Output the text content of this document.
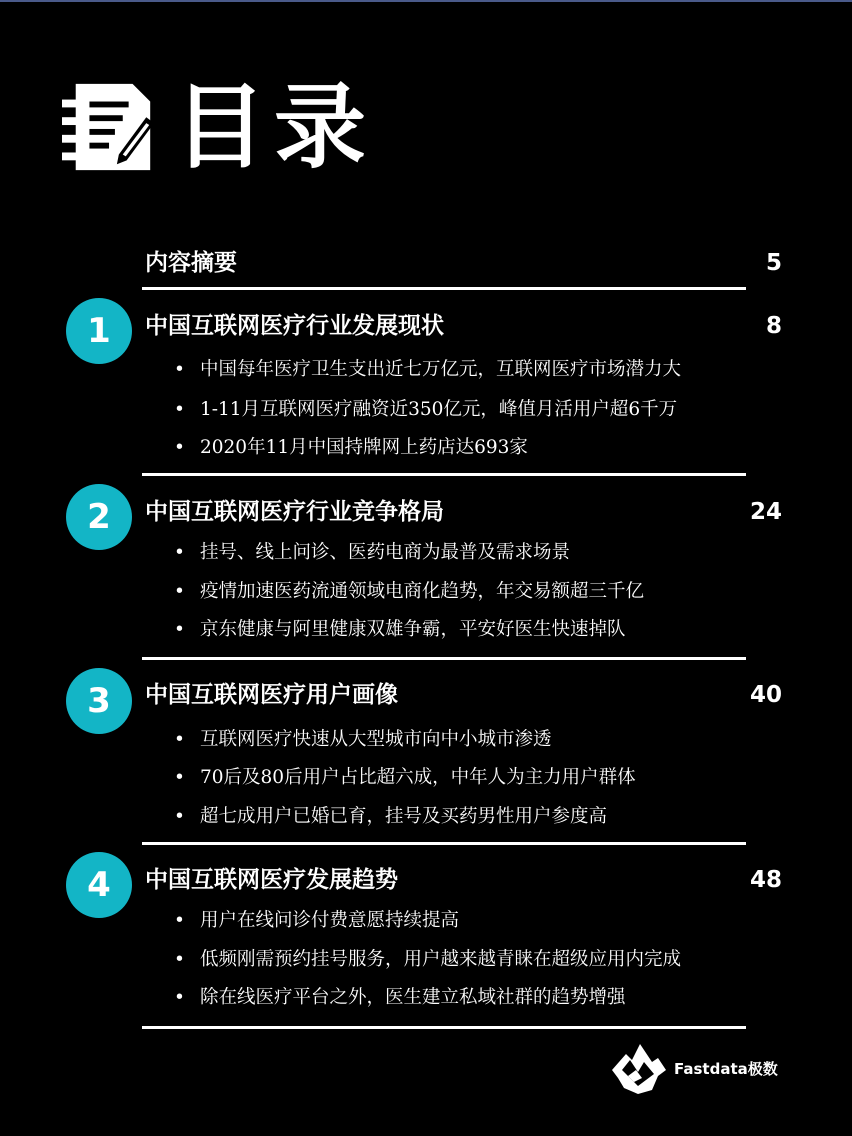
目录
内容摘要	5
1 中国互联网医疗行业发展现状	8
• 中国每年医疗卫生支出近七万亿元，互联网医疗市场潜力大
• 1-11月互联网医疗融资近350亿元，峰值月活用户超6千万
• 2020年11月中国持牌网上药店达693家
2 中国互联网医疗行业竞争格局	24
• 挂号、线上问诊、医药电商为最普及需求场景
• 疫情加速医药流通领域电商化趋势，年交易额超三千亿
• 京东健康与阿里健康双雄争霸，平安好医生快速掉队
3 中国互联网医疗用户画像	40
• 互联网医疗快速从大型城市向中小城市渗透
• 70后及80后用户占比超六成，中年人为主力用户群体
• 超七成用户已婚已育，挂号及买药男性用户参度高
4 中国互联网医疗发展趋势	48
• 用户在线问诊付费意愿持续提高
• 低频刚需预约挂号服务，用户越来越青睐在超级应用内完成
• 除在线医疗平台之外，医生建立私域社群的趋势增强
Fastdata极数
